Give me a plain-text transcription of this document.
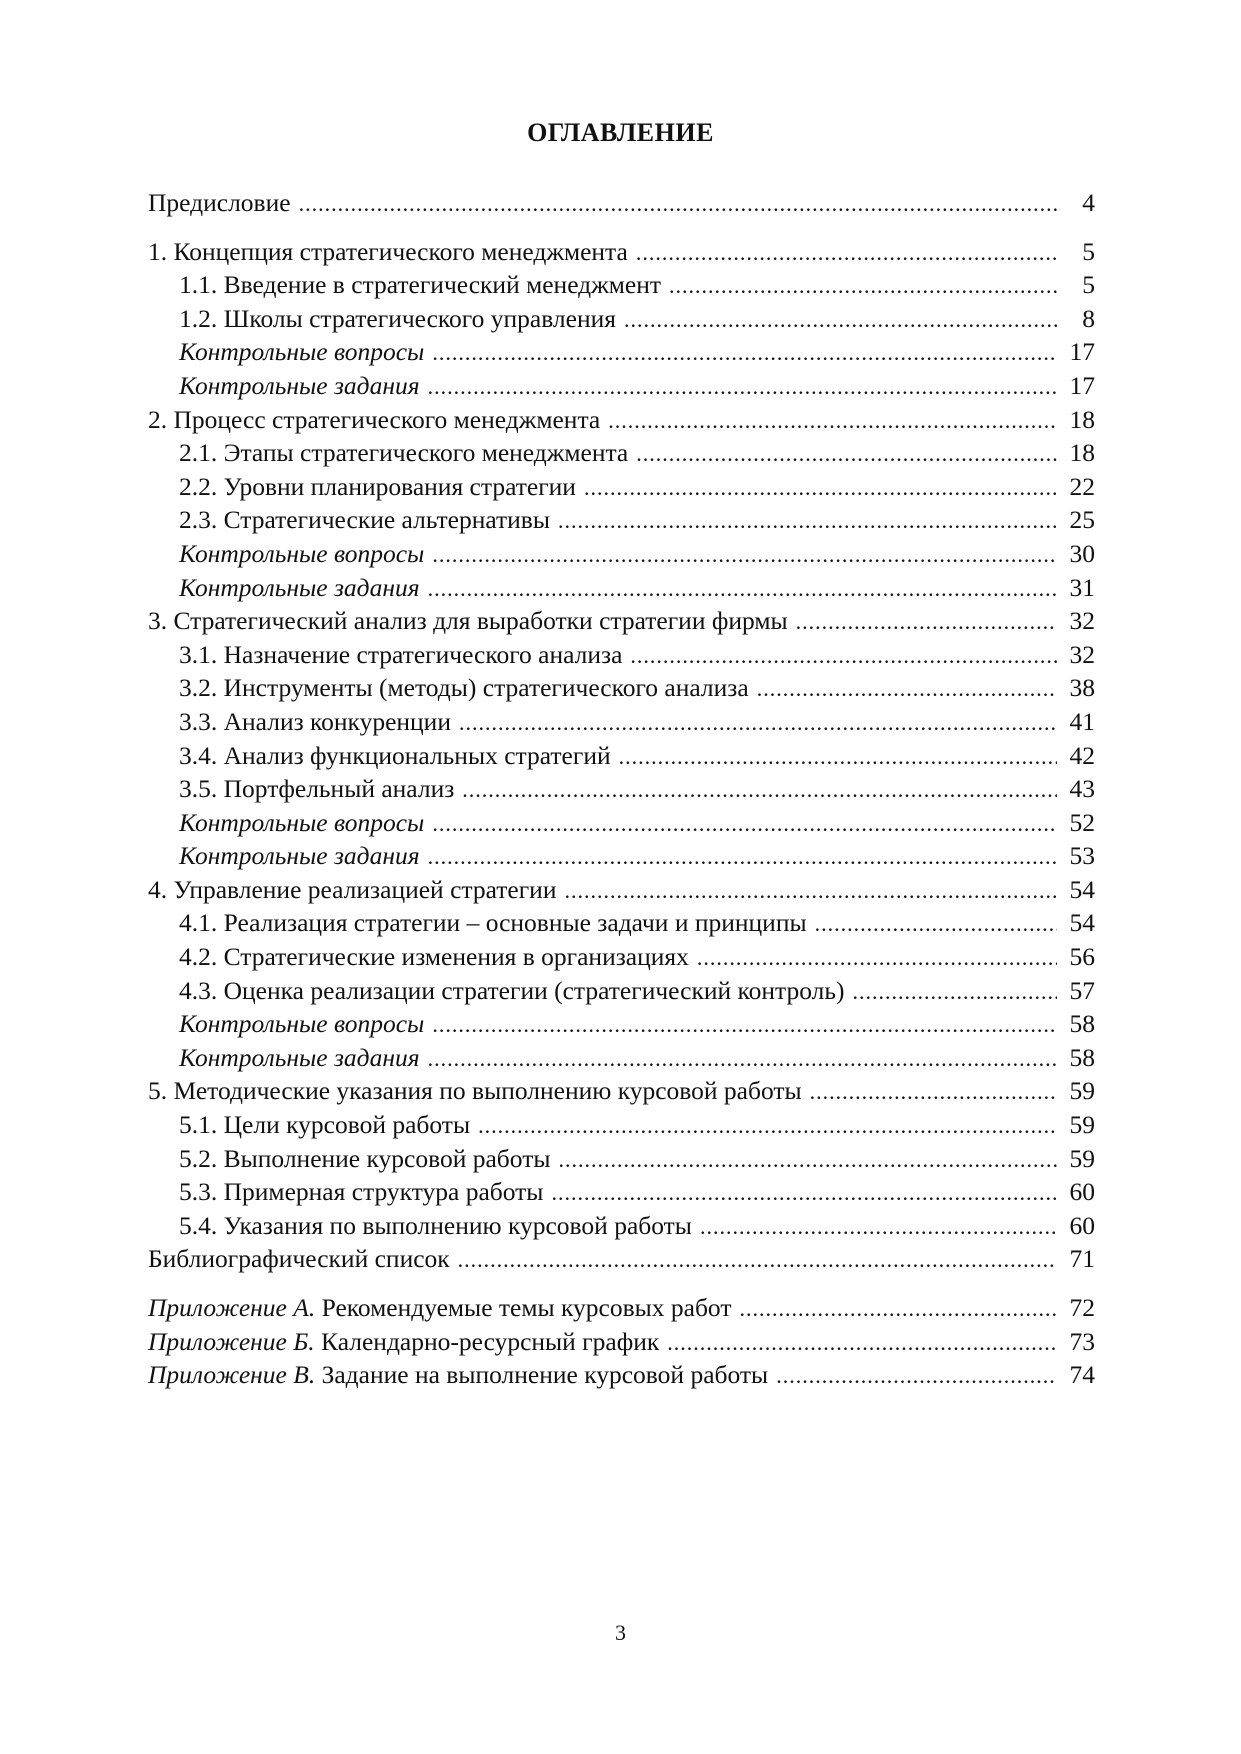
ОГЛАВЛЕНИЕ
Предисловие .....	4
1. Концепция стратегического менеджмента .....	5
1.1. Введение в стратегический менеджмент .....	5
1.2. Школы стратегического управления .....	8
Контрольные вопросы .....	17
Контрольные задания .....	17
2. Процесс стратегического менеджмента .....	18
2.1. Этапы стратегического менеджмента .....	18
2.2. Уровни планирования стратегии .....	22
2.3. Стратегические альтернативы .....	25
Контрольные вопросы .....	30
Контрольные задания .....	31
3. Стратегический анализ для выработки стратегии фирмы .....	32
3.1. Назначение стратегического анализа .....	32
3.2. Инструменты (методы) стратегического анализа .....	38
3.3. Анализ конкуренции .....	41
3.4. Анализ функциональных стратегий .....	42
3.5. Портфельный анализ .....	43
Контрольные вопросы .....	52
Контрольные задания .....	53
4. Управление реализацией стратегии .....	54
4.1. Реализация стратегии – основные задачи и принципы .....	54
4.2. Стратегические изменения в организациях .....	56
4.3. Оценка реализации стратегии (стратегический контроль) .....	57
Контрольные вопросы .....	58
Контрольные задания .....	58
5. Методические указания по выполнению курсовой работы .....	59
5.1. Цели курсовой работы .....	59
5.2. Выполнение курсовой работы .....	59
5.3. Примерная структура работы .....	60
5.4. Указания по выполнению курсовой работы .....	60
Библиографический список .....	71
Приложение А. Рекомендуемые темы курсовых работ .....	72
Приложение Б. Календарно-ресурсный график .....	73
Приложение В. Задание на выполнение курсовой работы .....	74
3
